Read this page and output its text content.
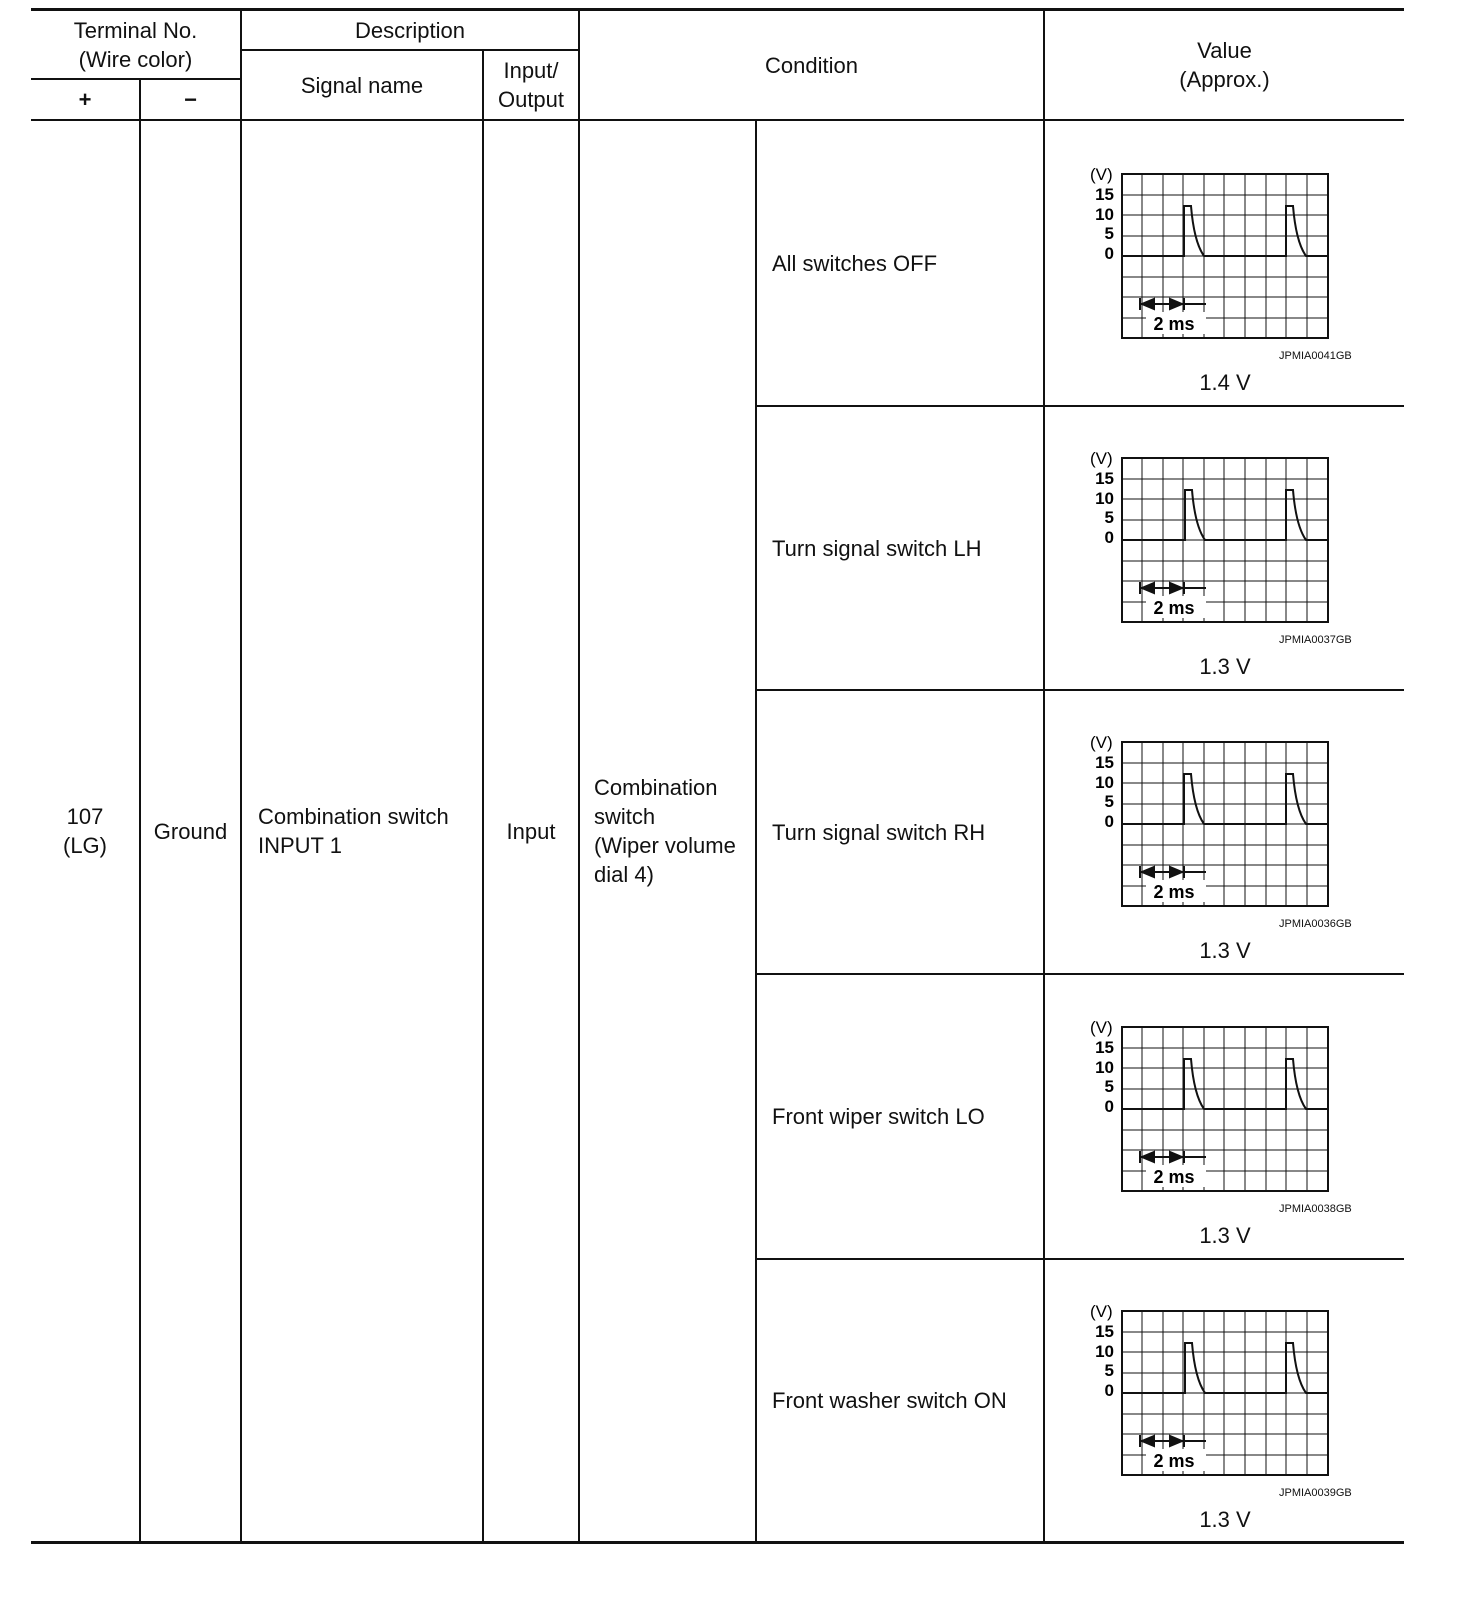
Terminal No.
(Wire color)
+	−
Description
Signal name
Input/
Output
Condition
Value
(Approx.)
107
(LG)
Ground
Combination switch
INPUT 1
Input
Combination
switch
(Wiper volume
dial 4)
All switches OFF
(V)
15
10
5
0
2 ms
JPMIA0041GB
1.4 V
Turn signal switch LH
(V)
15
10
5
0
2 ms
JPMIA0037GB
1.3 V
Turn signal switch RH
(V)
15
10
5
0
2 ms
JPMIA0036GB
1.3 V
Front wiper switch LO
(V)
15
10
5
0
2 ms
JPMIA0038GB
1.3 V
Front washer switch ON
(V)
15
10
5
0
2 ms
JPMIA0039GB
1.3 V
